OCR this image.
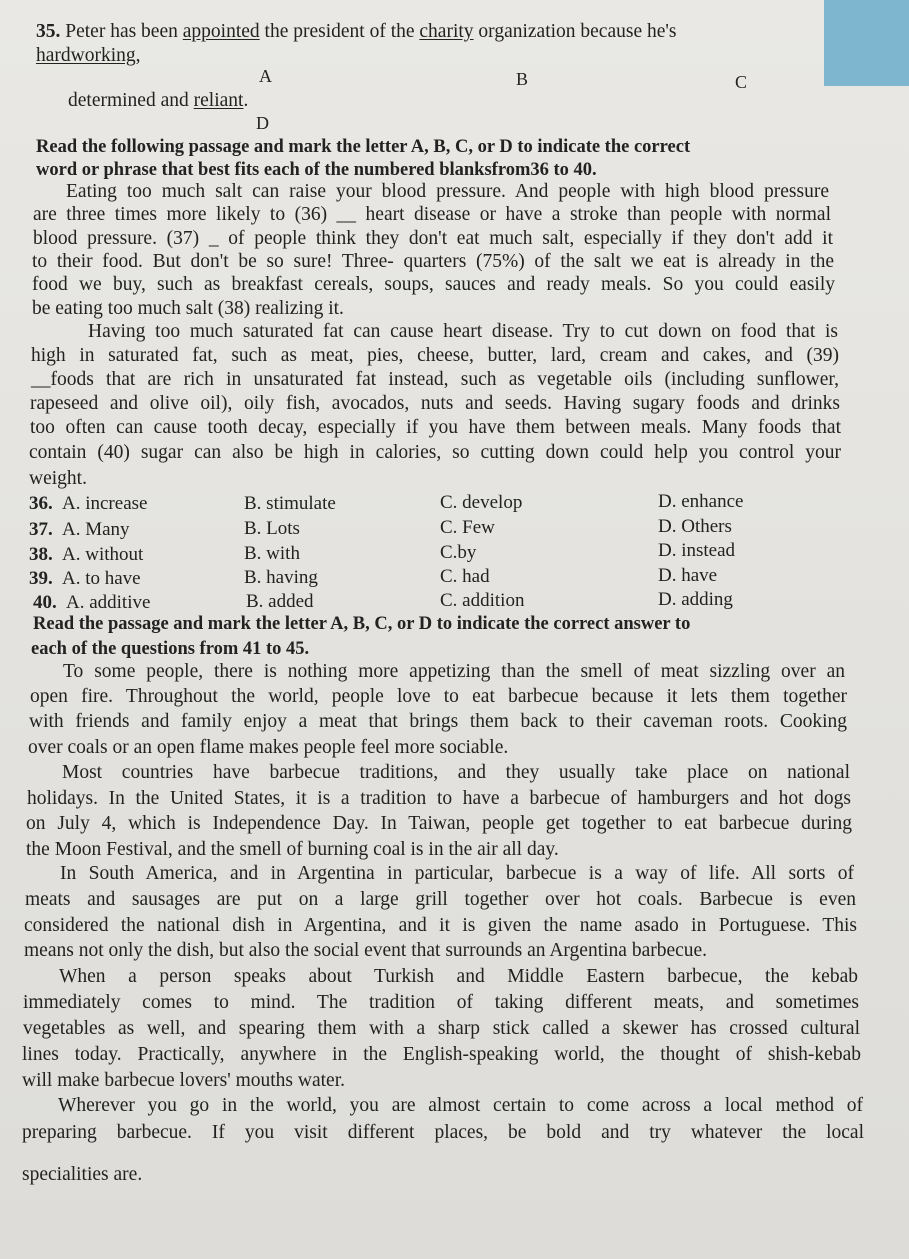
35. Peter has been appointed the president of the charity organization because he's
hardworking,
A	B	C
determined and reliant.
D
Read the following passage and mark the letter A, B, C, or D to indicate the correct
word or phrase that best fits each of the numbered blanksfrom36 to 40.
Eating too much salt can raise your blood pressure. And people with high blood pressure
are three times more likely to (36) __ heart disease or have a stroke than people with normal
blood pressure. (37) _ of people think they don't eat much salt, especially if they don't add it
to their food. But don't be so sure! Three- quarters (75%) of the salt we eat is already in the
food we buy, such as breakfast cereals, soups, sauces and ready meals. So you could easily
be eating too much salt (38) realizing it.
Having too much saturated fat can cause heart disease. Try to cut down on food that is
high in saturated fat, such as meat, pies, cheese, butter, lard, cream and cakes, and (39)
__foods that are rich in unsaturated fat instead, such as vegetable oils (including sunflower,
rapeseed and olive oil), oily fish, avocados, nuts and seeds. Having sugary foods and drinks
too often can cause tooth decay, especially if you have them between meals. Many foods that
contain (40) sugar can also be high in calories, so cutting down could help you control your
weight.
36. A. increase	B. stimulate	C. develop	D. enhance
37. A. Many	B. Lots	C. Few	D. Others
38. A. without	B. with	C.by	D. instead
39. A. to have	B. having	C. had	D. have
40. A. additive	B. added	C. addition	D. adding
Read the passage and mark the letter A, B, C, or D to indicate the correct answer to
each of the questions from 41 to 45.
To some people, there is nothing more appetizing than the smell of meat sizzling over an
open fire. Throughout the world, people love to eat barbecue because it lets them together
with friends and family enjoy a meat that brings them back to their caveman roots. Cooking
over coals or an open flame makes people feel more sociable.
Most countries have barbecue traditions, and they usually take place on national
holidays. In the United States, it is a tradition to have a barbecue of hamburgers and hot dogs
on July 4, which is Independence Day. In Taiwan, people get together to eat barbecue during
the Moon Festival, and the smell of burning coal is in the air all day.
In South America, and in Argentina in particular, barbecue is a way of life. All sorts of
meats and sausages are put on a large grill together over hot coals. Barbecue is even
considered the national dish in Argentina, and it is given the name asado in Portuguese. This
means not only the dish, but also the social event that surrounds an Argentina barbecue.
When a person speaks about Turkish and Middle Eastern barbecue, the kebab
immediately comes to mind. The tradition of taking different meats, and sometimes
vegetables as well, and spearing them with a sharp stick called a skewer has crossed cultural
lines today. Practically, anywhere in the English-speaking world, the thought of shish-kebab
will make barbecue lovers' mouths water.
Wherever you go in the world, you are almost certain to come across a local method of
preparing barbecue. If you visit different places, be bold and try whatever the local
specialities are.
